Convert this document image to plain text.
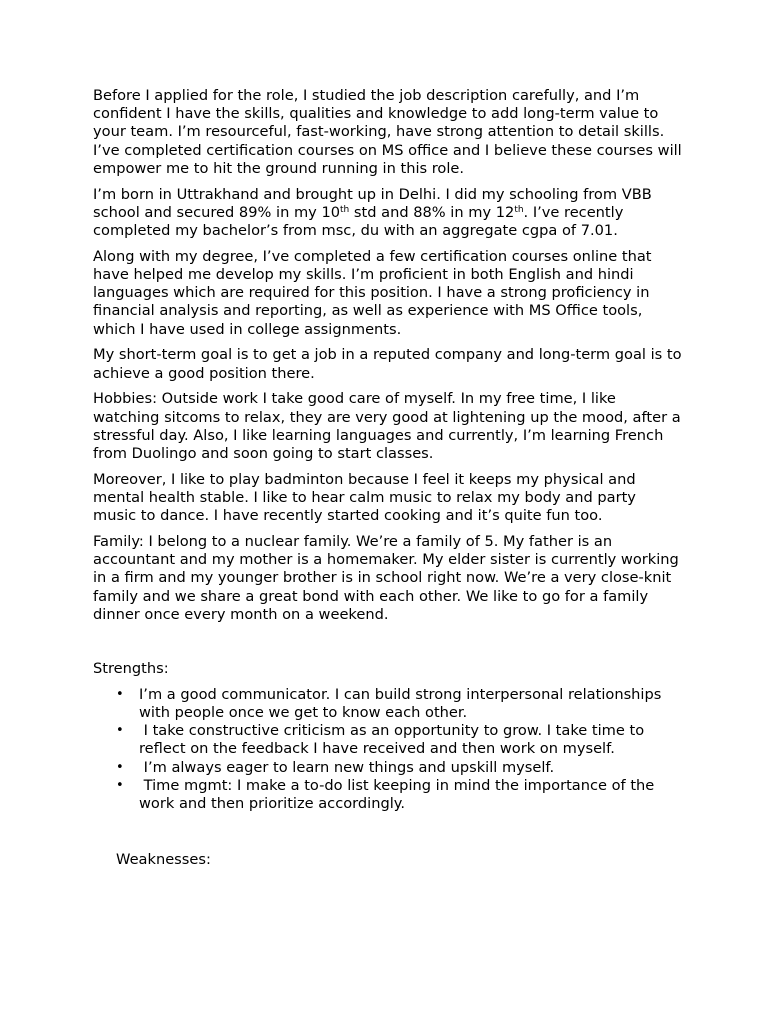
Before I applied for the role, I studied the job description carefully, and I’m confident I have the skills, qualities and knowledge to add long-term value to your team. I’m resourceful, fast-working, have strong attention to detail skills. I’ve completed certification courses on MS office and I believe these courses will empower me to hit the ground running in this role.

I’m born in Uttrakhand and brought up in Delhi. I did my schooling from VBB school and secured 89% in my 10th std and 88% in my 12th. I’ve recently  completed my bachelor’s from msc, du with an aggregate cgpa of 7.01.

Along with my degree, I’ve completed a few certification courses online that have helped me develop my skills. I’m proficient in both English and hindi languages which are required for this position. I have a strong proficiency in financial analysis and reporting, as well as experience with MS Office tools, which I have used in college assignments.

My short-term goal is to get a job in a reputed company and long-term goal is to achieve a good position there.

Hobbies: Outside work I take good care of myself. In my free time, I like watching sitcoms to relax, they are very good at lightening up the mood, after a stressful day. Also, I like learning languages and currently, I’m learning French from Duolingo and soon going to start classes.

Moreover, I like to play badminton because I feel it keeps my physical and mental health stable. I like to hear calm music to relax my body and party music to dance. I have recently started cooking and it’s quite fun too.

Family: I belong to a nuclear family. We’re a family of 5. My father is an accountant and my mother is a homemaker. My elder sister is currently working in a firm and my younger brother is in school right now. We’re a very close-knit family and we share a great bond with each other. We like to go for a family dinner once every month on a weekend.

Strengths:

• I’m a good communicator. I can build strong interpersonal relationships with people once we get to know each other.
• I take constructive criticism as an opportunity to grow. I take time to reflect on the feedback I have received and then work on myself.
• I’m always eager to learn new things and upskill myself.
• Time mgmt: I make a to-do list keeping in mind the importance of the work and then prioritize accordingly.

Weaknesses:
